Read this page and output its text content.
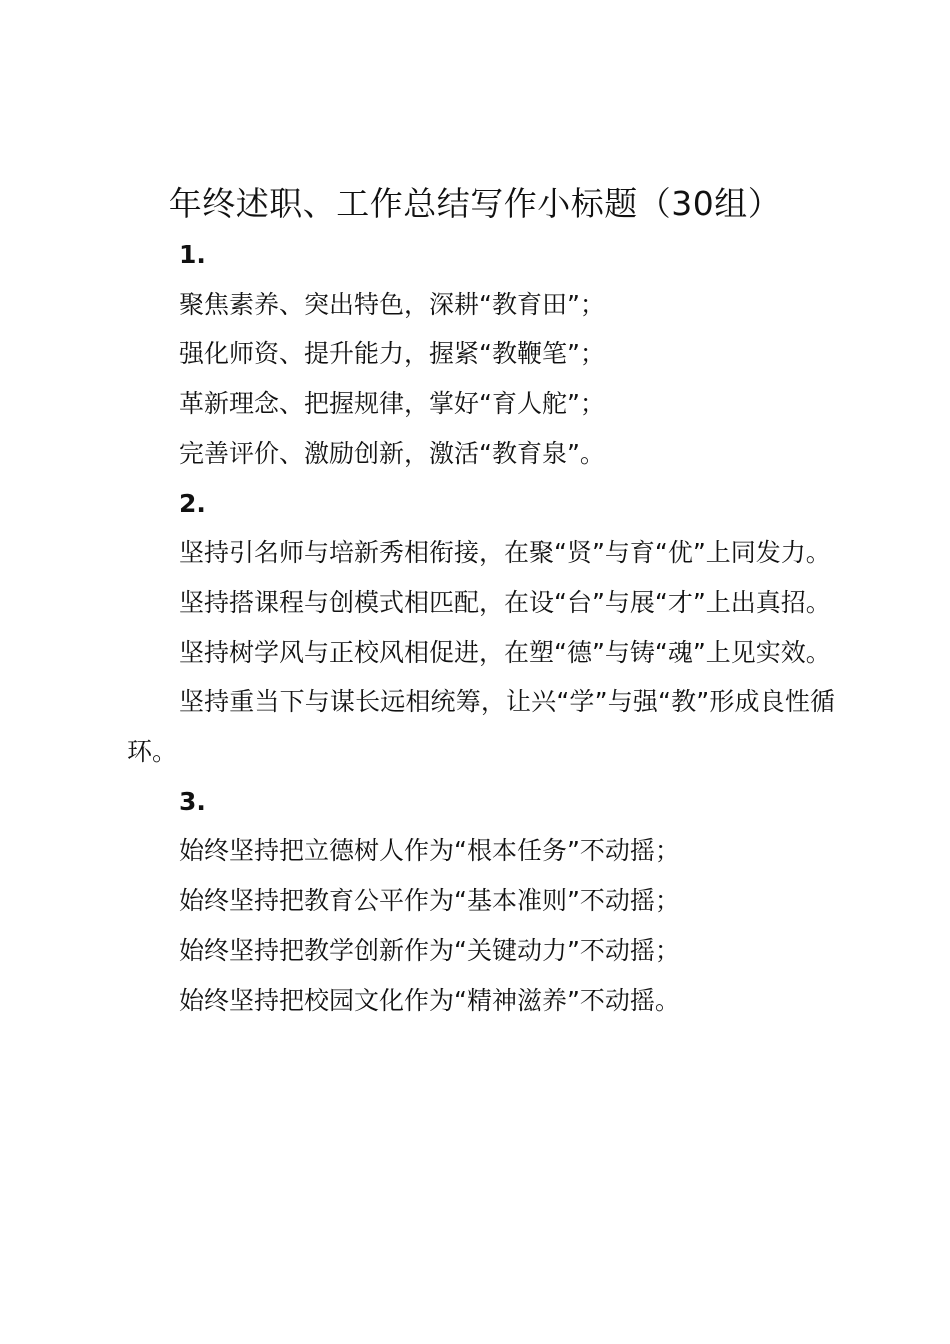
年终述职、工作总结写作小标题（30组）
1.
聚焦素养、突出特色，深耕“教育田”；
强化师资、提升能力，握紧“教鞭笔”；
革新理念、把握规律，掌好“育人舵”；
完善评价、激励创新，激活“教育泉”。
2.
坚持引名师与培新秀相衔接，在聚“贤”与育“优”上同发力。
坚持搭课程与创模式相匹配，在设“台”与展“才”上出真招。
坚持树学风与正校风相促进，在塑“德”与铸“魂”上见实效。
坚持重当下与谋长远相统筹，让兴“学”与强“教”形成良性循环。
3.
始终坚持把立德树人作为“根本任务”不动摇；
始终坚持把教育公平作为“基本准则”不动摇；
始终坚持把教学创新作为“关键动力”不动摇；
始终坚持把校园文化作为“精神滋养”不动摇。
